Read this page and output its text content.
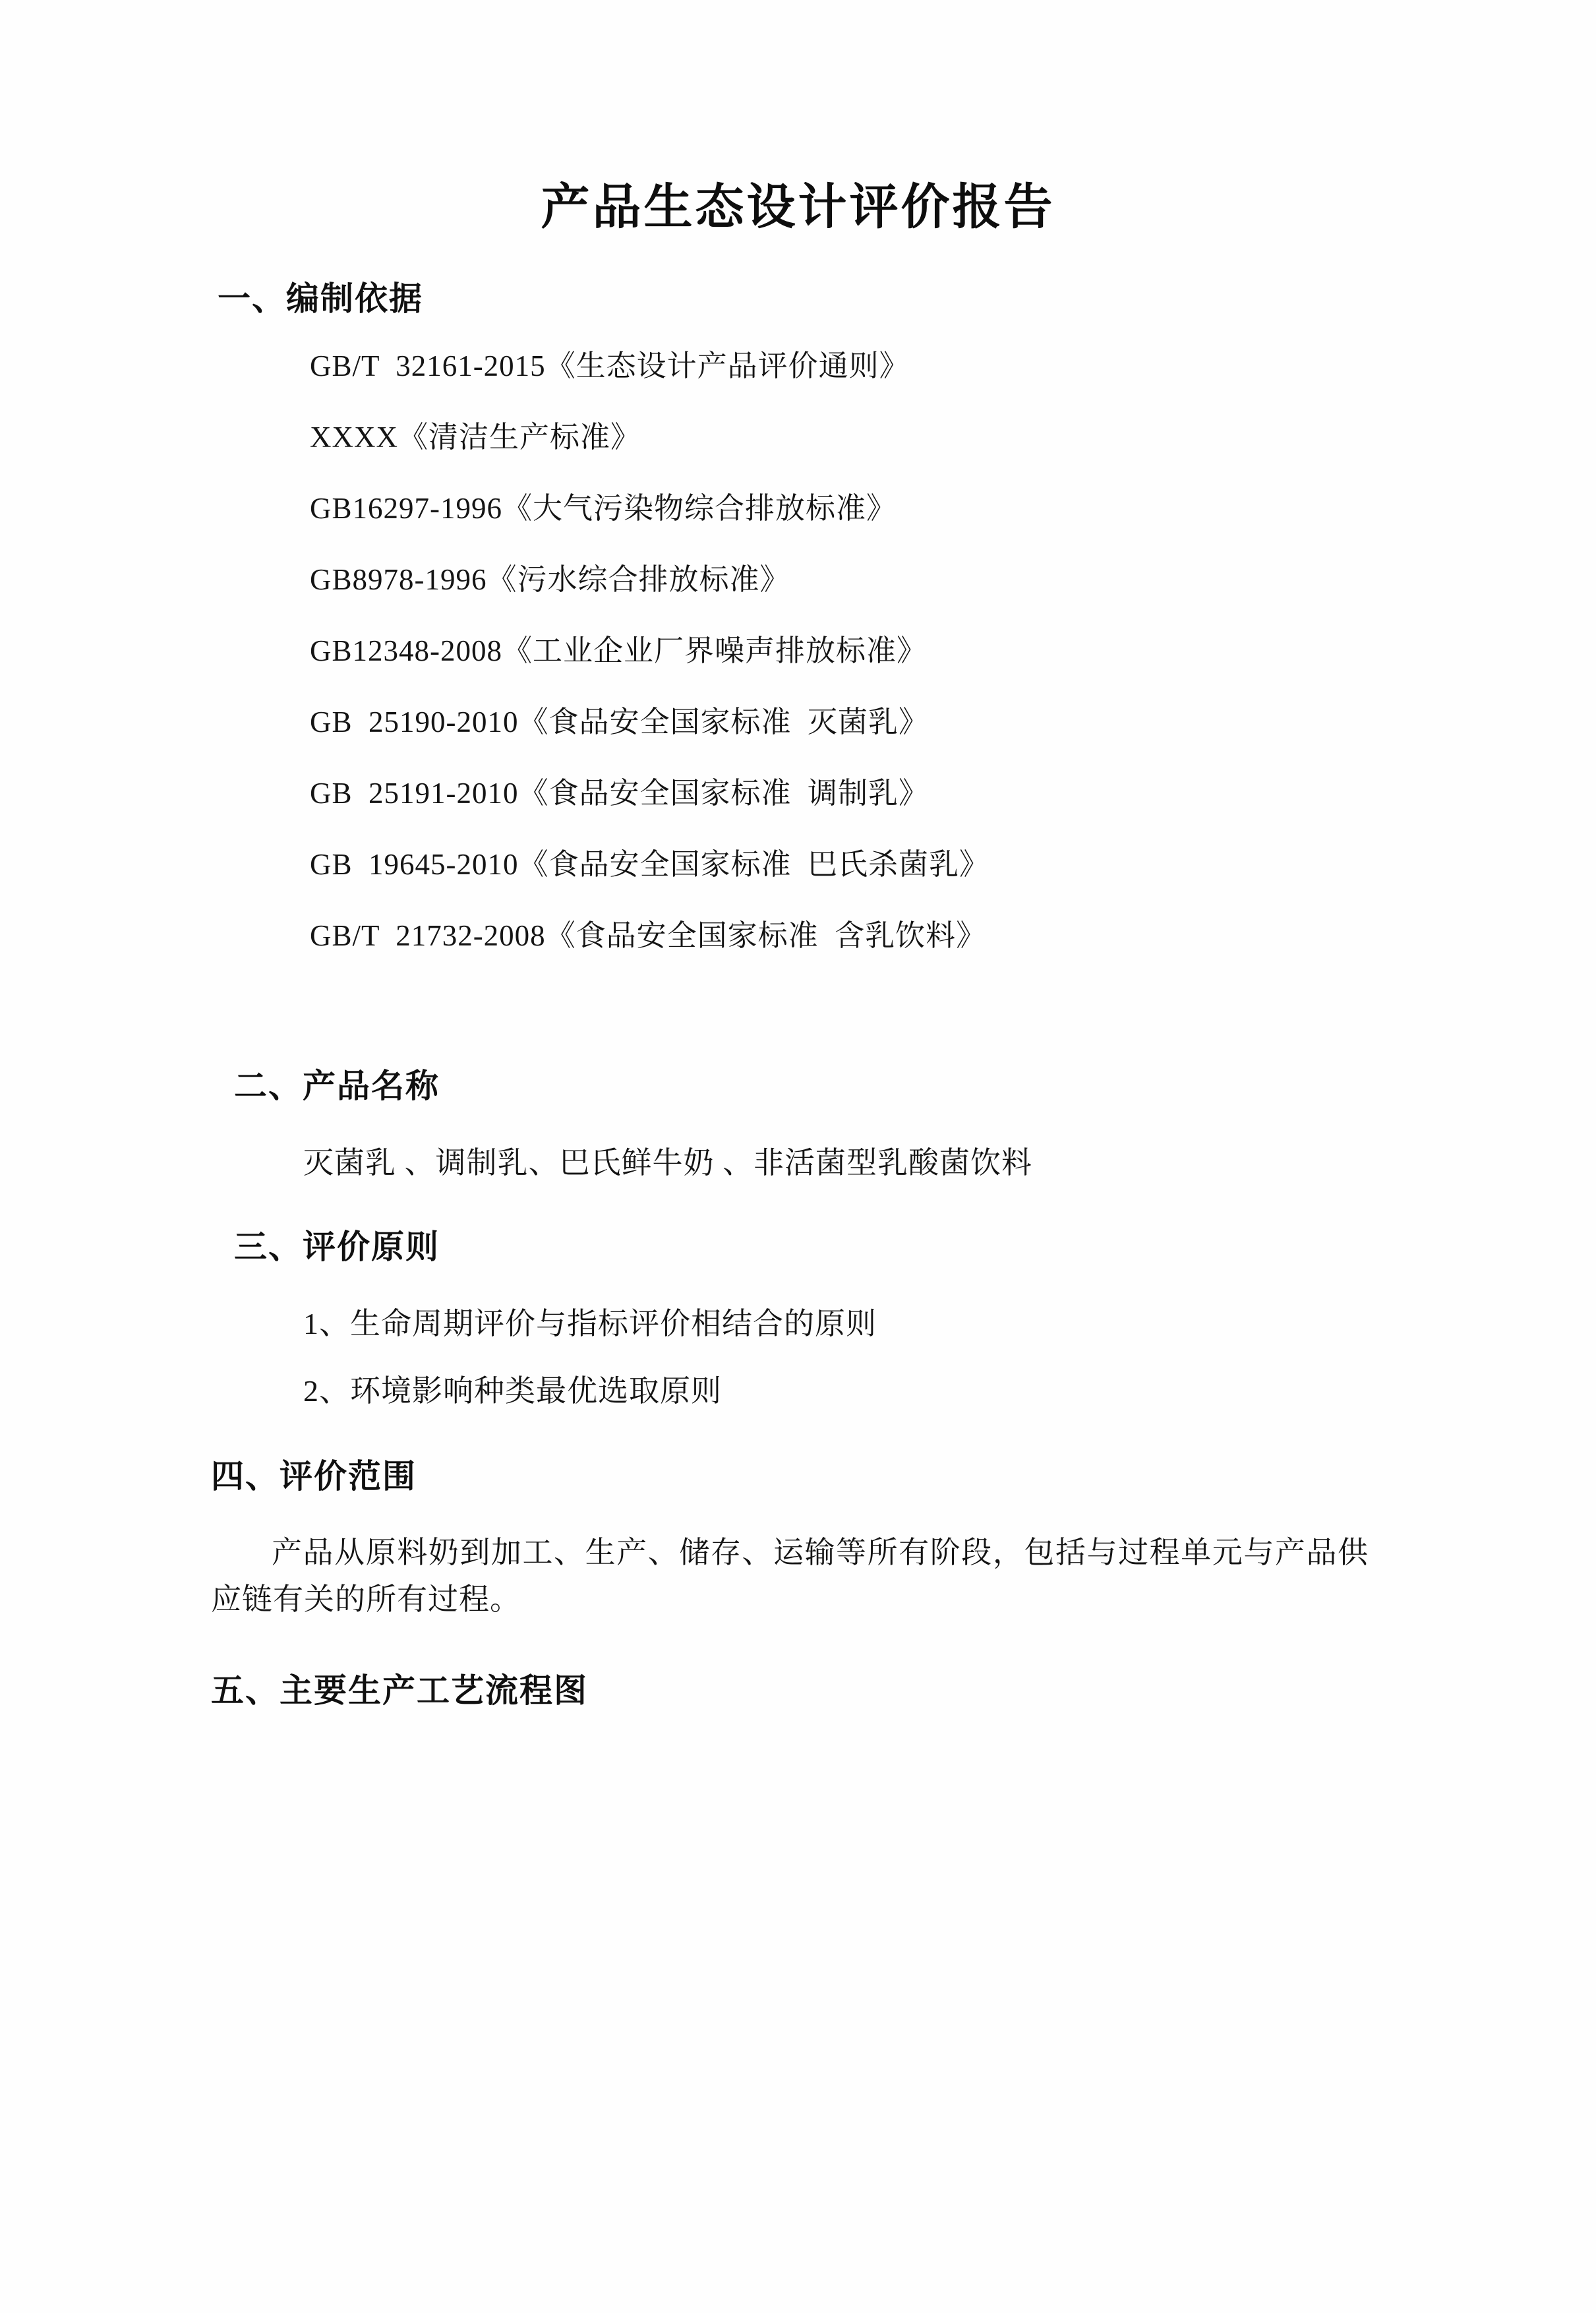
产品生态设计评价报告
一、编制依据
GB/T  32161-2015《生态设计产品评价通则》
XXXX《清洁生产标准》
GB16297-1996《大气污染物综合排放标准》
GB8978-1996《污水综合排放标准》
GB12348-2008《工业企业厂界噪声排放标准》
GB  25190-2010《食品安全国家标准  灭菌乳》
GB  25191-2010《食品安全国家标准  调制乳》
GB  19645-2010《食品安全国家标准  巴氏杀菌乳》
GB/T  21732-2008《食品安全国家标准  含乳饮料》
二、产品名称
灭菌乳 、调制乳、巴氏鲜牛奶 、非活菌型乳酸菌饮料
三、评价原则
1、生命周期评价与指标评价相结合的原则
2、环境影响种类最优选取原则
四、评价范围
产品从原料奶到加工、生产、储存、运输等所有阶段，包括与过程单元与产品供应链有关的所有过程。
五、主要生产工艺流程图
